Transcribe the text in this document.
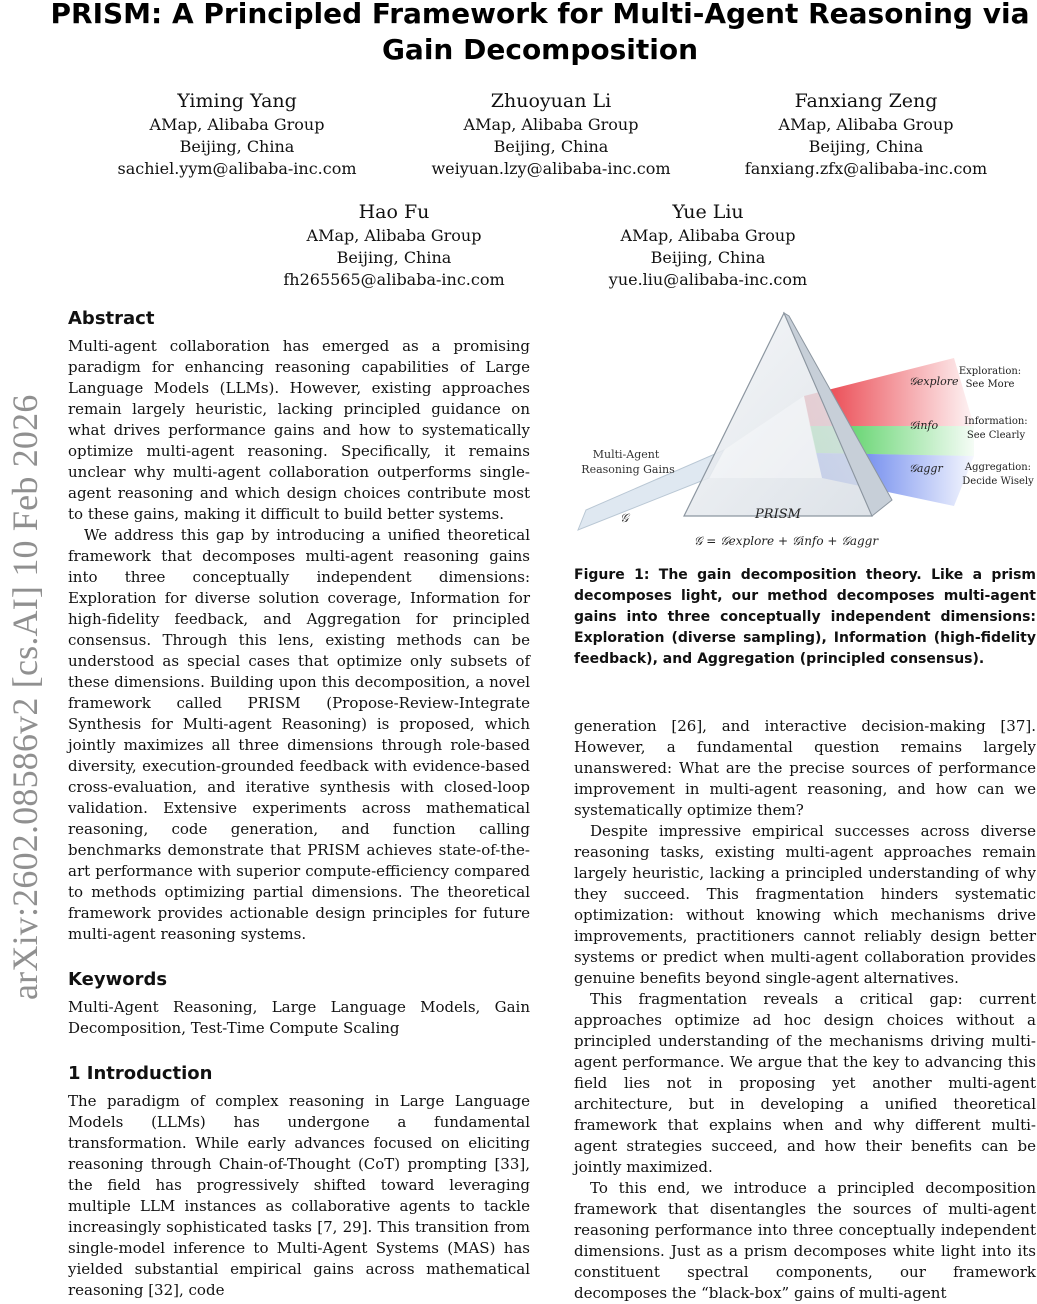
PRISM: A Principled Framework for Multi-Agent Reasoning via
Gain Decomposition
Yiming Yang
AMap, Alibaba Group
Beijing, China
sachiel.yym@alibaba-inc.com
Zhuoyuan Li
AMap, Alibaba Group
Beijing, China
weiyuan.lzy@alibaba-inc.com
Fanxiang Zeng
AMap, Alibaba Group
Beijing, China
fanxiang.zfx@alibaba-inc.com
Hao Fu
AMap, Alibaba Group
Beijing, China
fh265565@alibaba-inc.com
Yue Liu
AMap, Alibaba Group
Beijing, China
yue.liu@alibaba-inc.com
arXiv:2602.08586v2 [cs.AI] 10 Feb 2026
Abstract

Multi-agent collaboration has emerged as a promising paradigm for enhancing reasoning capabilities of Large Language Models (LLMs). However, existing approaches remain largely heuristic, lacking principled guidance on what drives performance gains and how to systematically optimize multi-agent reasoning. Specifically, it remains unclear why multi-agent collaboration outperforms single-agent reasoning and which design choices contribute most to these gains, making it difficult to build better systems.

We address this gap by introducing a unified theoretical framework that decomposes multi-agent reasoning gains into three conceptually independent dimensions: Exploration for diverse solution coverage, Information for high-fidelity feedback, and Aggregation for principled consensus. Through this lens, existing methods can be understood as special cases that optimize only subsets of these dimensions. Building upon this decomposition, a novel framework called PRISM (Propose-Review-Integrate Synthesis for Multi-agent Reasoning) is proposed, which jointly maximizes all three dimensions through role-based diversity, execution-grounded feedback with evidence-based cross-evaluation, and iterative synthesis with closed-loop validation. Extensive experiments across mathematical reasoning, code generation, and function calling benchmarks demonstrate that PRISM achieves state-of-the-art performance with superior compute-efficiency compared to methods optimizing partial dimensions. The theoretical framework provides actionable design principles for future multi-agent reasoning systems.

Keywords

Multi-Agent Reasoning, Large Language Models, Gain Decomposition, Test-Time Compute Scaling

1 Introduction

The paradigm of complex reasoning in Large Language Models (LLMs) has undergone a fundamental transformation. While early advances focused on eliciting reasoning through Chain-of-Thought (CoT) prompting [33], the field has progressively shifted toward leveraging multiple LLM instances as collaborative agents to tackle increasingly sophisticated tasks [7, 29]. This transition from single-model inference to Multi-Agent Systems (MAS) has yielded substantial empirical gains across mathematical reasoning [32], code

Multi-Agent
Reasoning Gains
𝒢	PRISM
𝒢 = 𝒢explore + 𝒢info + 𝒢aggr
𝒢explore
𝒢info
𝒢aggr
Exploration:
See More
Information:
See Clearly
Aggregation:
Decide Wisely
Figure 1: The gain decomposition theory. Like a prism decomposes light, our method decomposes multi-agent gains into three conceptually independent dimensions: Exploration (diverse sampling), Information (high-fidelity feedback), and Aggregation (principled consensus).

generation [26], and interactive decision-making [37]. However, a fundamental question remains largely unanswered: What are the precise sources of performance improvement in multi-agent reasoning, and how can we systematically optimize them?

Despite impressive empirical successes across diverse reasoning tasks, existing multi-agent approaches remain largely heuristic, lacking a principled understanding of why they succeed. This fragmentation hinders systematic optimization: without knowing which mechanisms drive improvements, practitioners cannot reliably design better systems or predict when multi-agent collaboration provides genuine benefits beyond single-agent alternatives.

This fragmentation reveals a critical gap: current approaches optimize ad hoc design choices without a principled understanding of the mechanisms driving multi-agent performance. We argue that the key to advancing this field lies not in proposing yet another multi-agent architecture, but in developing a unified theoretical framework that explains when and why different multi-agent strategies succeed, and how their benefits can be jointly maximized.

To this end, we introduce a principled decomposition framework that disentangles the sources of multi-agent reasoning performance into three conceptually independent dimensions. Just as a prism decomposes white light into its constituent spectral components, our framework decomposes the “black-box” gains of multi-agent
